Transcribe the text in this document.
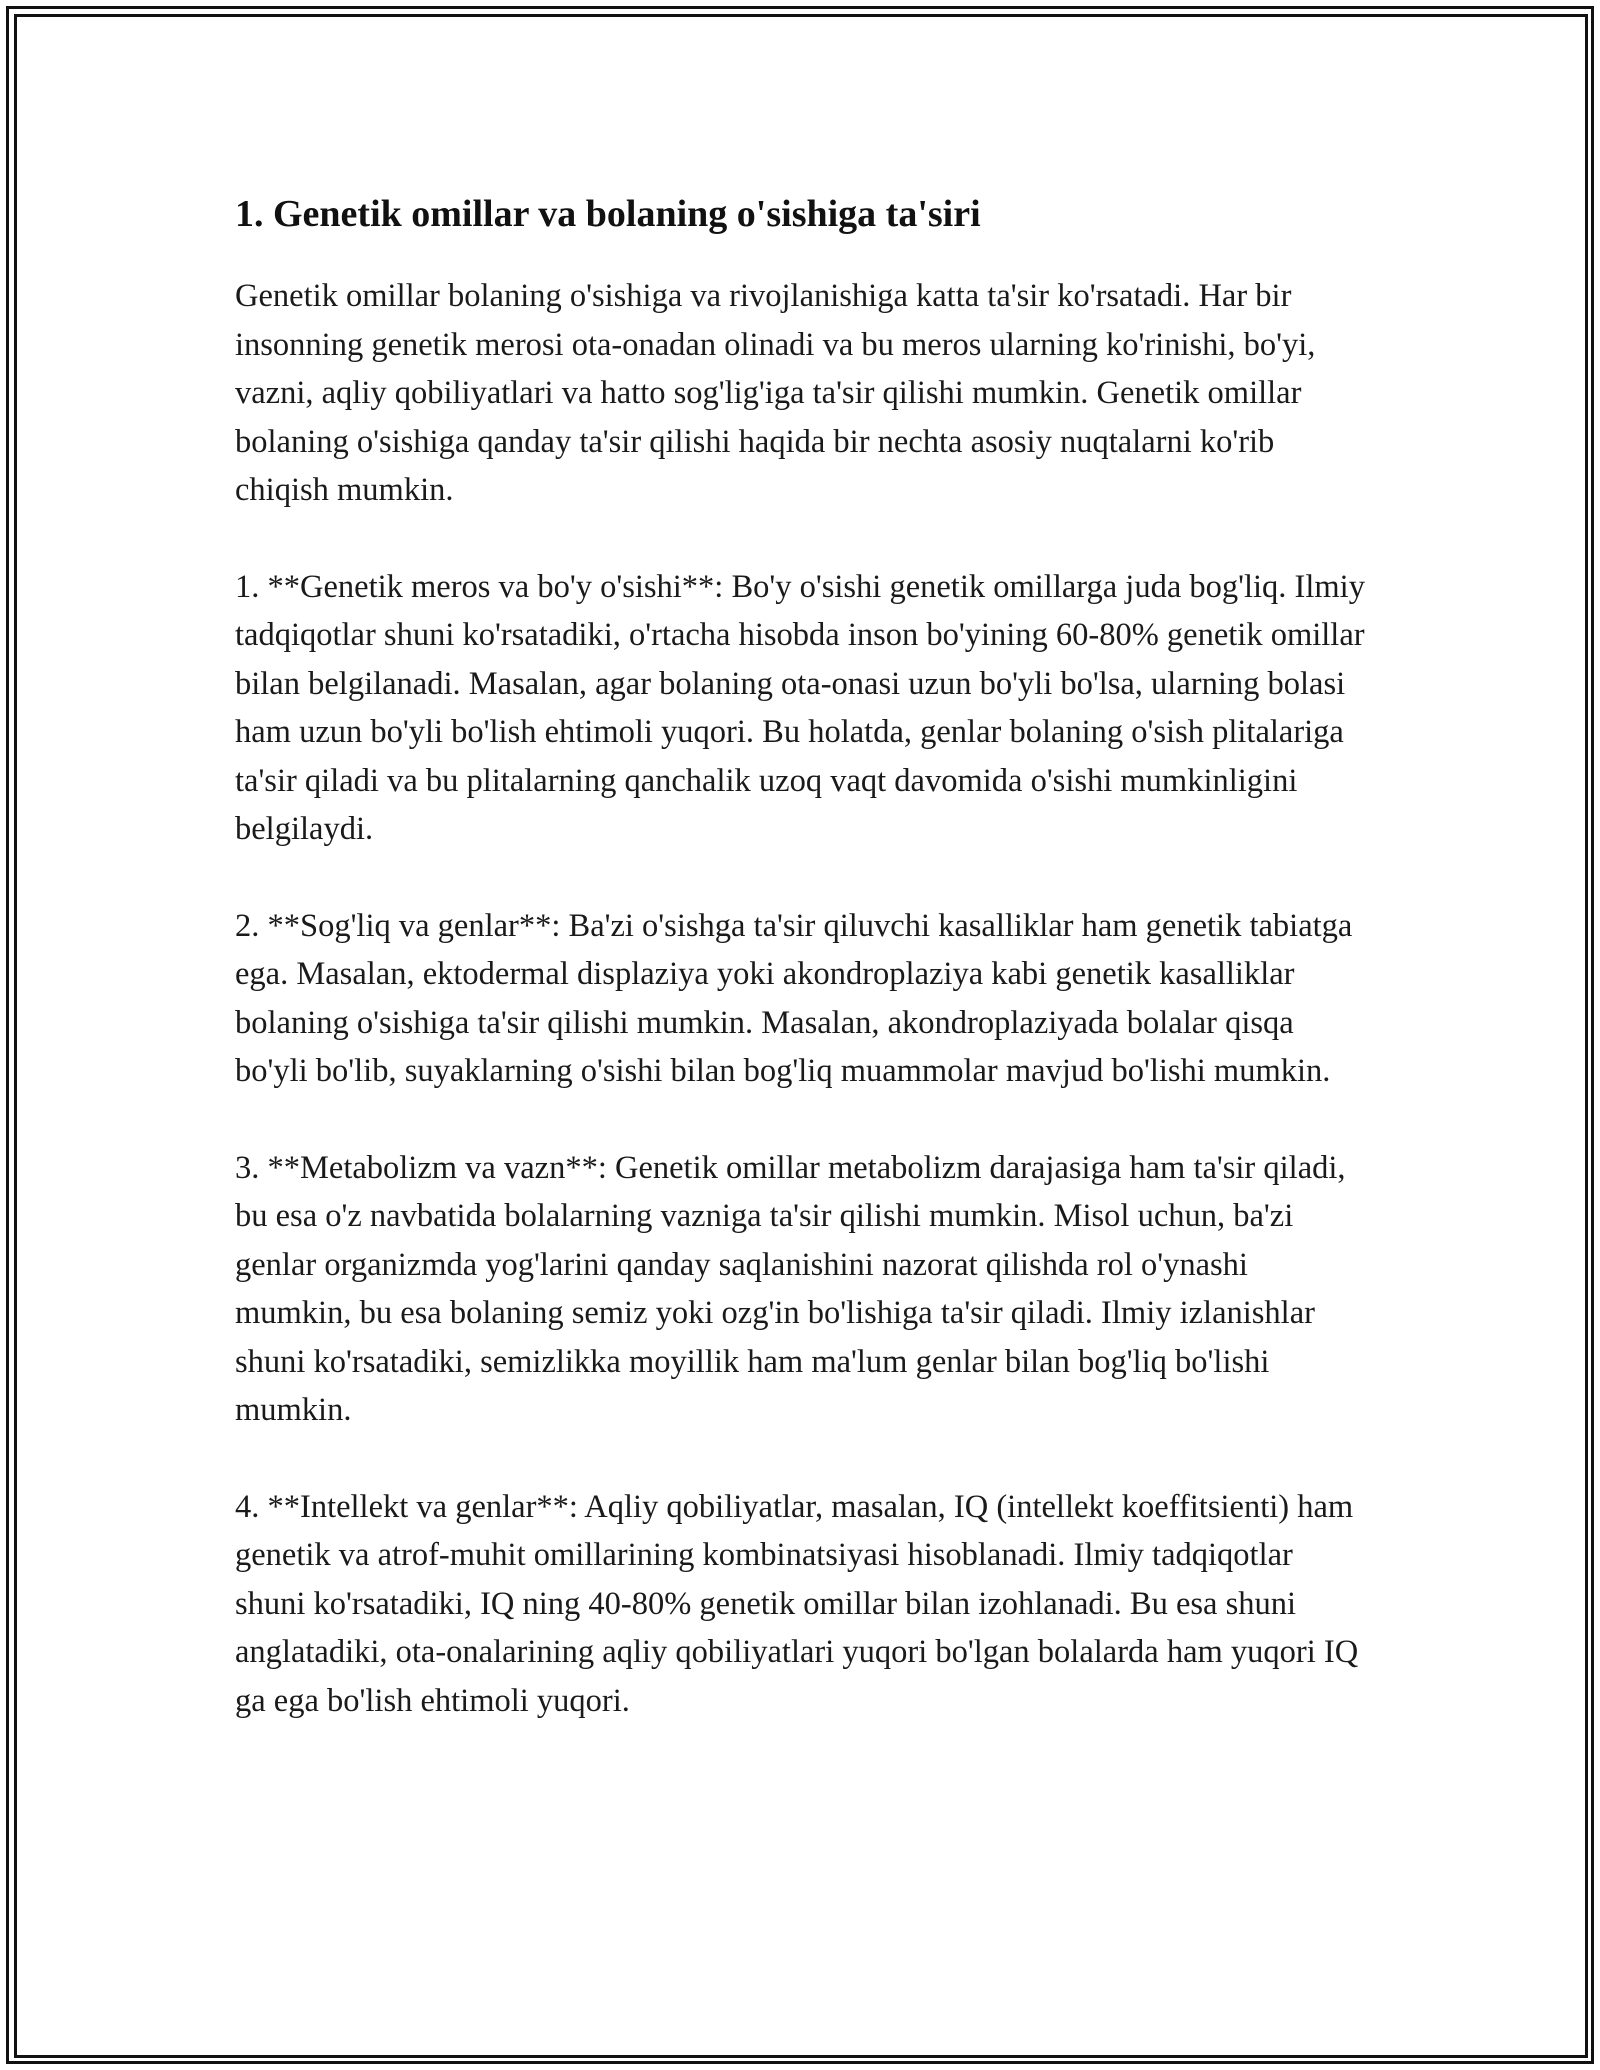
1. Genetik omillar va bolaning o'sishiga ta'siri

Genetik omillar bolaning o'sishiga va rivojlanishiga katta ta'sir ko'rsatadi. Har bir insonning genetik merosi ota-onadan olinadi va bu meros ularning ko'rinishi, bo'yi, vazni, aqliy qobiliyatlari va hatto sog'lig'iga ta'sir qilishi mumkin. Genetik omillar bolaning o'sishiga qanday ta'sir qilishi haqida bir nechta asosiy nuqtalarni ko'rib chiqish mumkin.

1. **Genetik meros va bo'y o'sishi**: Bo'y o'sishi genetik omillarga juda bog'liq. Ilmiy tadqiqotlar shuni ko'rsatadiki, o'rtacha hisobda inson bo'yining 60-80% genetik omillar bilan belgilanadi. Masalan, agar bolaning ota-onasi uzun bo'yli bo'lsa, ularning bolasi ham uzun bo'yli bo'lish ehtimoli yuqori. Bu holatda, genlar bolaning o'sish plitalariga ta'sir qiladi va bu plitalarning qanchalik uzoq vaqt davomida o'sishi mumkinligini belgilaydi.

2. **Sog'liq va genlar**: Ba'zi o'sishga ta'sir qiluvchi kasalliklar ham genetik tabiatga ega. Masalan, ektodermal displaziya yoki akondroplaziya kabi genetik kasalliklar bolaning o'sishiga ta'sir qilishi mumkin. Masalan, akondroplaziyada bolalar qisqa bo'yli bo'lib, suyaklarning o'sishi bilan bog'liq muammolar mavjud bo'lishi mumkin.

3. **Metabolizm va vazn**: Genetik omillar metabolizm darajasiga ham ta'sir qiladi, bu esa o'z navbatida bolalarning vazniga ta'sir qilishi mumkin. Misol uchun, ba'zi genlar organizmda yog'larini qanday saqlanishini nazorat qilishda rol o'ynashi mumkin, bu esa bolaning semiz yoki ozg'in bo'lishiga ta'sir qiladi. Ilmiy izlanishlar shuni ko'rsatadiki, semizlikka moyillik ham ma'lum genlar bilan bog'liq bo'lishi mumkin.

4. **Intellekt va genlar**: Aqliy qobiliyatlar, masalan, IQ (intellekt koeffitsienti) ham genetik va atrof-muhit omillarining kombinatsiyasi hisoblanadi. Ilmiy tadqiqotlar shuni ko'rsatadiki, IQ ning 40-80% genetik omillar bilan izohlanadi. Bu esa shuni anglatadiki, ota-onalarining aqliy qobiliyatlari yuqori bo'lgan bolalarda ham yuqori IQ ga ega bo'lish ehtimoli yuqori.
